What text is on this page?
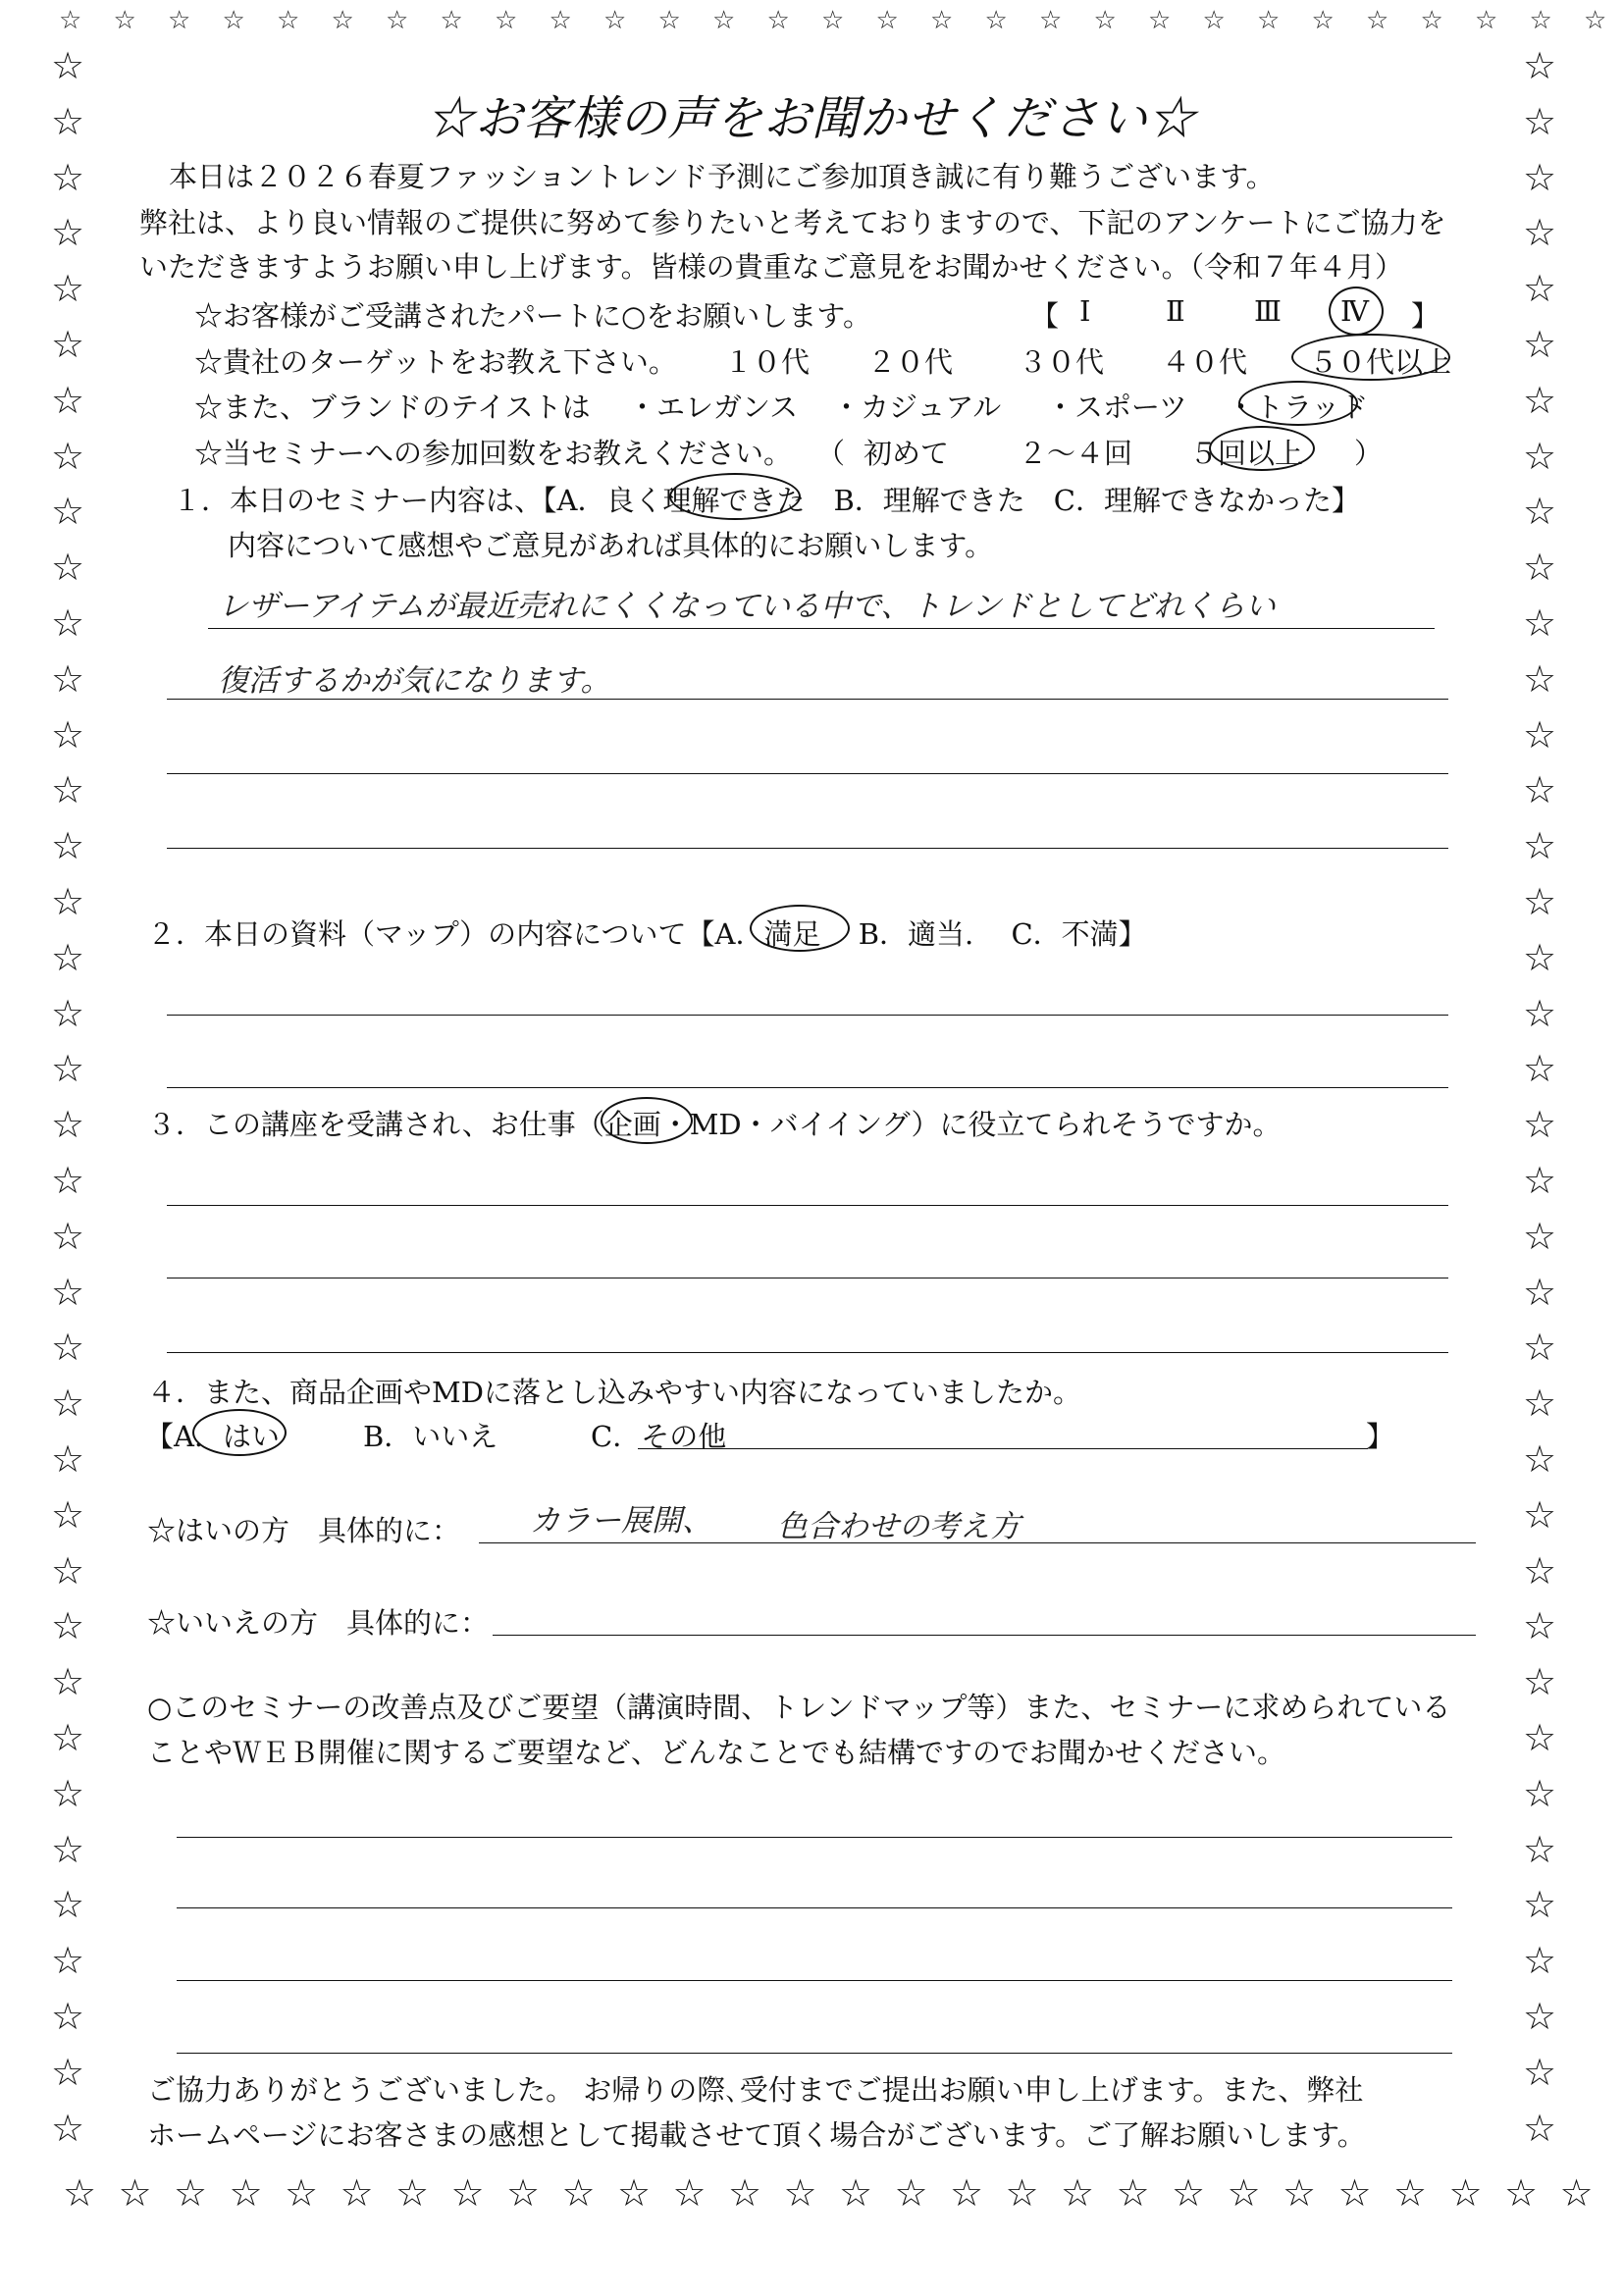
☆ ☆ ☆ ☆ ☆ ☆ ☆ ☆ ☆ ☆ ☆ ☆ ☆ ☆ ☆ ☆ ☆ ☆ ☆ ☆ ☆ ☆ ☆ ☆ ☆ ☆ ☆ ☆ ☆
☆
☆
☆
☆
☆
☆
☆
☆
☆
☆
☆
☆
☆
☆
☆
☆
☆
☆
☆
☆
☆
☆
☆
☆
☆
☆
☆
☆
☆
☆
☆
☆
☆
☆
☆
☆
☆
☆
☆
☆
☆
☆
☆
☆
☆
☆
☆
☆
☆
☆
☆
☆
☆
☆
☆
☆
☆
☆
☆
☆
☆
☆
☆
☆
☆
☆
☆
☆
☆
☆
☆
☆
☆
☆
☆
☆
☆ ☆ ☆ ☆ ☆ ☆ ☆ ☆ ☆ ☆ ☆ ☆ ☆ ☆ ☆ ☆ ☆ ☆ ☆ ☆ ☆ ☆ ☆ ☆ ☆ ☆ ☆ ☆
☆お客様の声をお聞かせください☆
本日は２０２６春夏ファッショントレンド予測にご参加頂き誠に有り難うございます。
弊社は、より良い情報のご提供に努めて参りたいと考えておりますので、下記のアンケートにご協力を
いただきますようお願い申し上げます。皆様の貴重なご意見をお聞かせください。（令和７年４月）
☆お客様がご受講されたパートに○をお願いします。	【 Ⅰ	Ⅱ Ⅲ Ⅳ 】
☆貴社のターゲットをお教え下さい。 １０代 ２０代 ３０代 ４０代 ５０代以上
☆また、ブランドのテイストは ・エレガンス ・カジュアル ・スポーツ ・トラッド
☆当セミナーへの参加回数をお教えください。 （ 初めて ２～４回 ５回以上 ）
１．本日のセミナー内容は、【A．良く理解できた　B．理解できた　C．理解できなかった】
内容について感想やご意見があれば具体的にお願いします。
レザーアイテムが最近売れにくくなっている中で、トレンドとしてどれくらい
復活するかが気になります。
２．本日の資料（マップ）の内容について【A．満足　 B．適当.　 C．不満】
３．この講座を受講され、お仕事（企画・MD・バイイング）に役立てられそうですか。
４．また、商品企画やMDに落とし込みやすい内容になっていましたか。
【A．はい	B．いいえ	C．その他	】
☆はいの方　具体的に： カラー展開、 色合わせの考え方
☆いいえの方　具体的に：
○このセミナーの改善点及びご要望（講演時間、トレンドマップ等）また、セミナーに求められている
ことやＷＥＢ開催に関するご要望など、どんなことでも結構ですのでお聞かせください。
ご協力ありがとうございました。 お帰りの際､受付までご提出お願い申し上げます。また、弊社
ホームページにお客さまの感想として掲載させて頂く場合がございます。ご了解お願いします。
